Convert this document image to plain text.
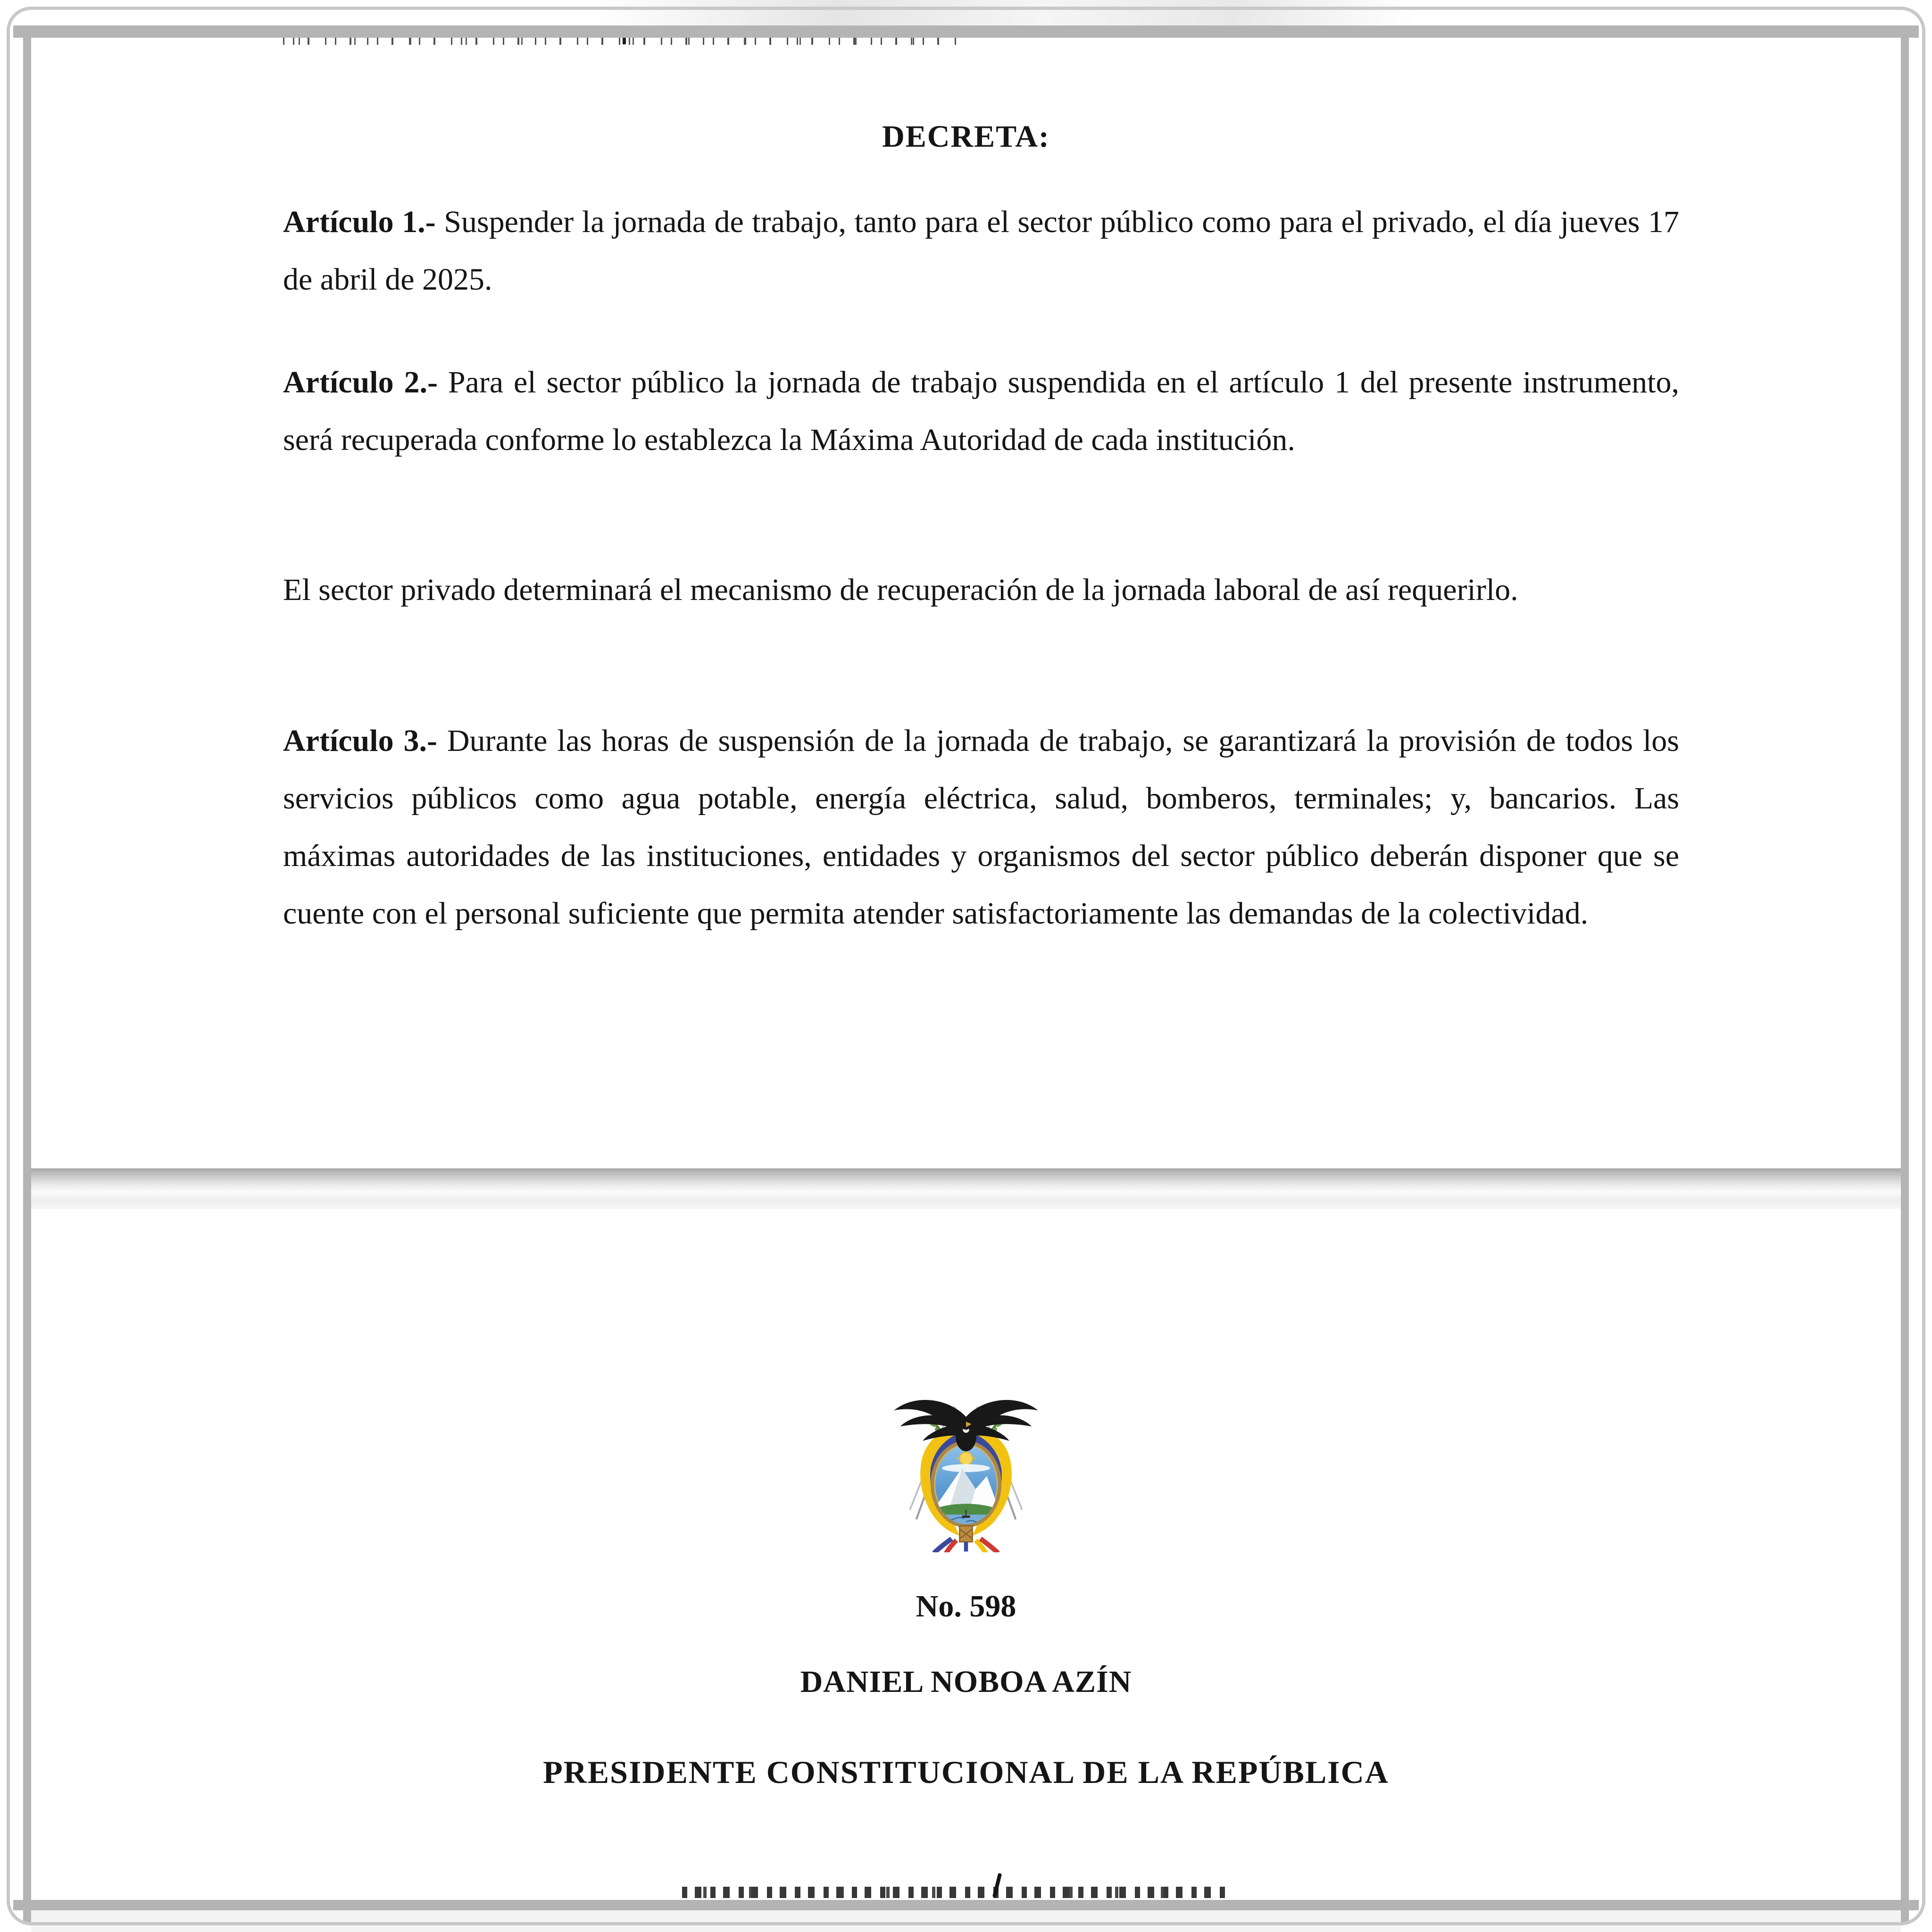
DECRETA:

Artículo 1.- Suspender la jornada de trabajo, tanto para el sector público como para el privado, el día jueves 17 de abril de 2025.

Artículo 2.- Para el sector público la jornada de trabajo suspendida en el artículo 1 del presente instrumento, será recuperada conforme lo establezca la Máxima Autoridad de cada institución.

El sector privado determinará el mecanismo de recuperación de la jornada laboral de así requerirlo.

Artículo 3.- Durante las horas de suspensión de la jornada de trabajo, se garantizará la provisión de todos los servicios públicos como agua potable, energía eléctrica, salud, bomberos, terminales; y, bancarios. Las máximas autoridades de las instituciones, entidades y organismos del sector público deberán disponer que se cuente con el personal suficiente que permita atender satisfactoriamente las demandas de la colectividad.

No. 598
DANIEL NOBOA AZÍN
PRESIDENTE CONSTITUCIONAL DE LA REPÚBLICA
